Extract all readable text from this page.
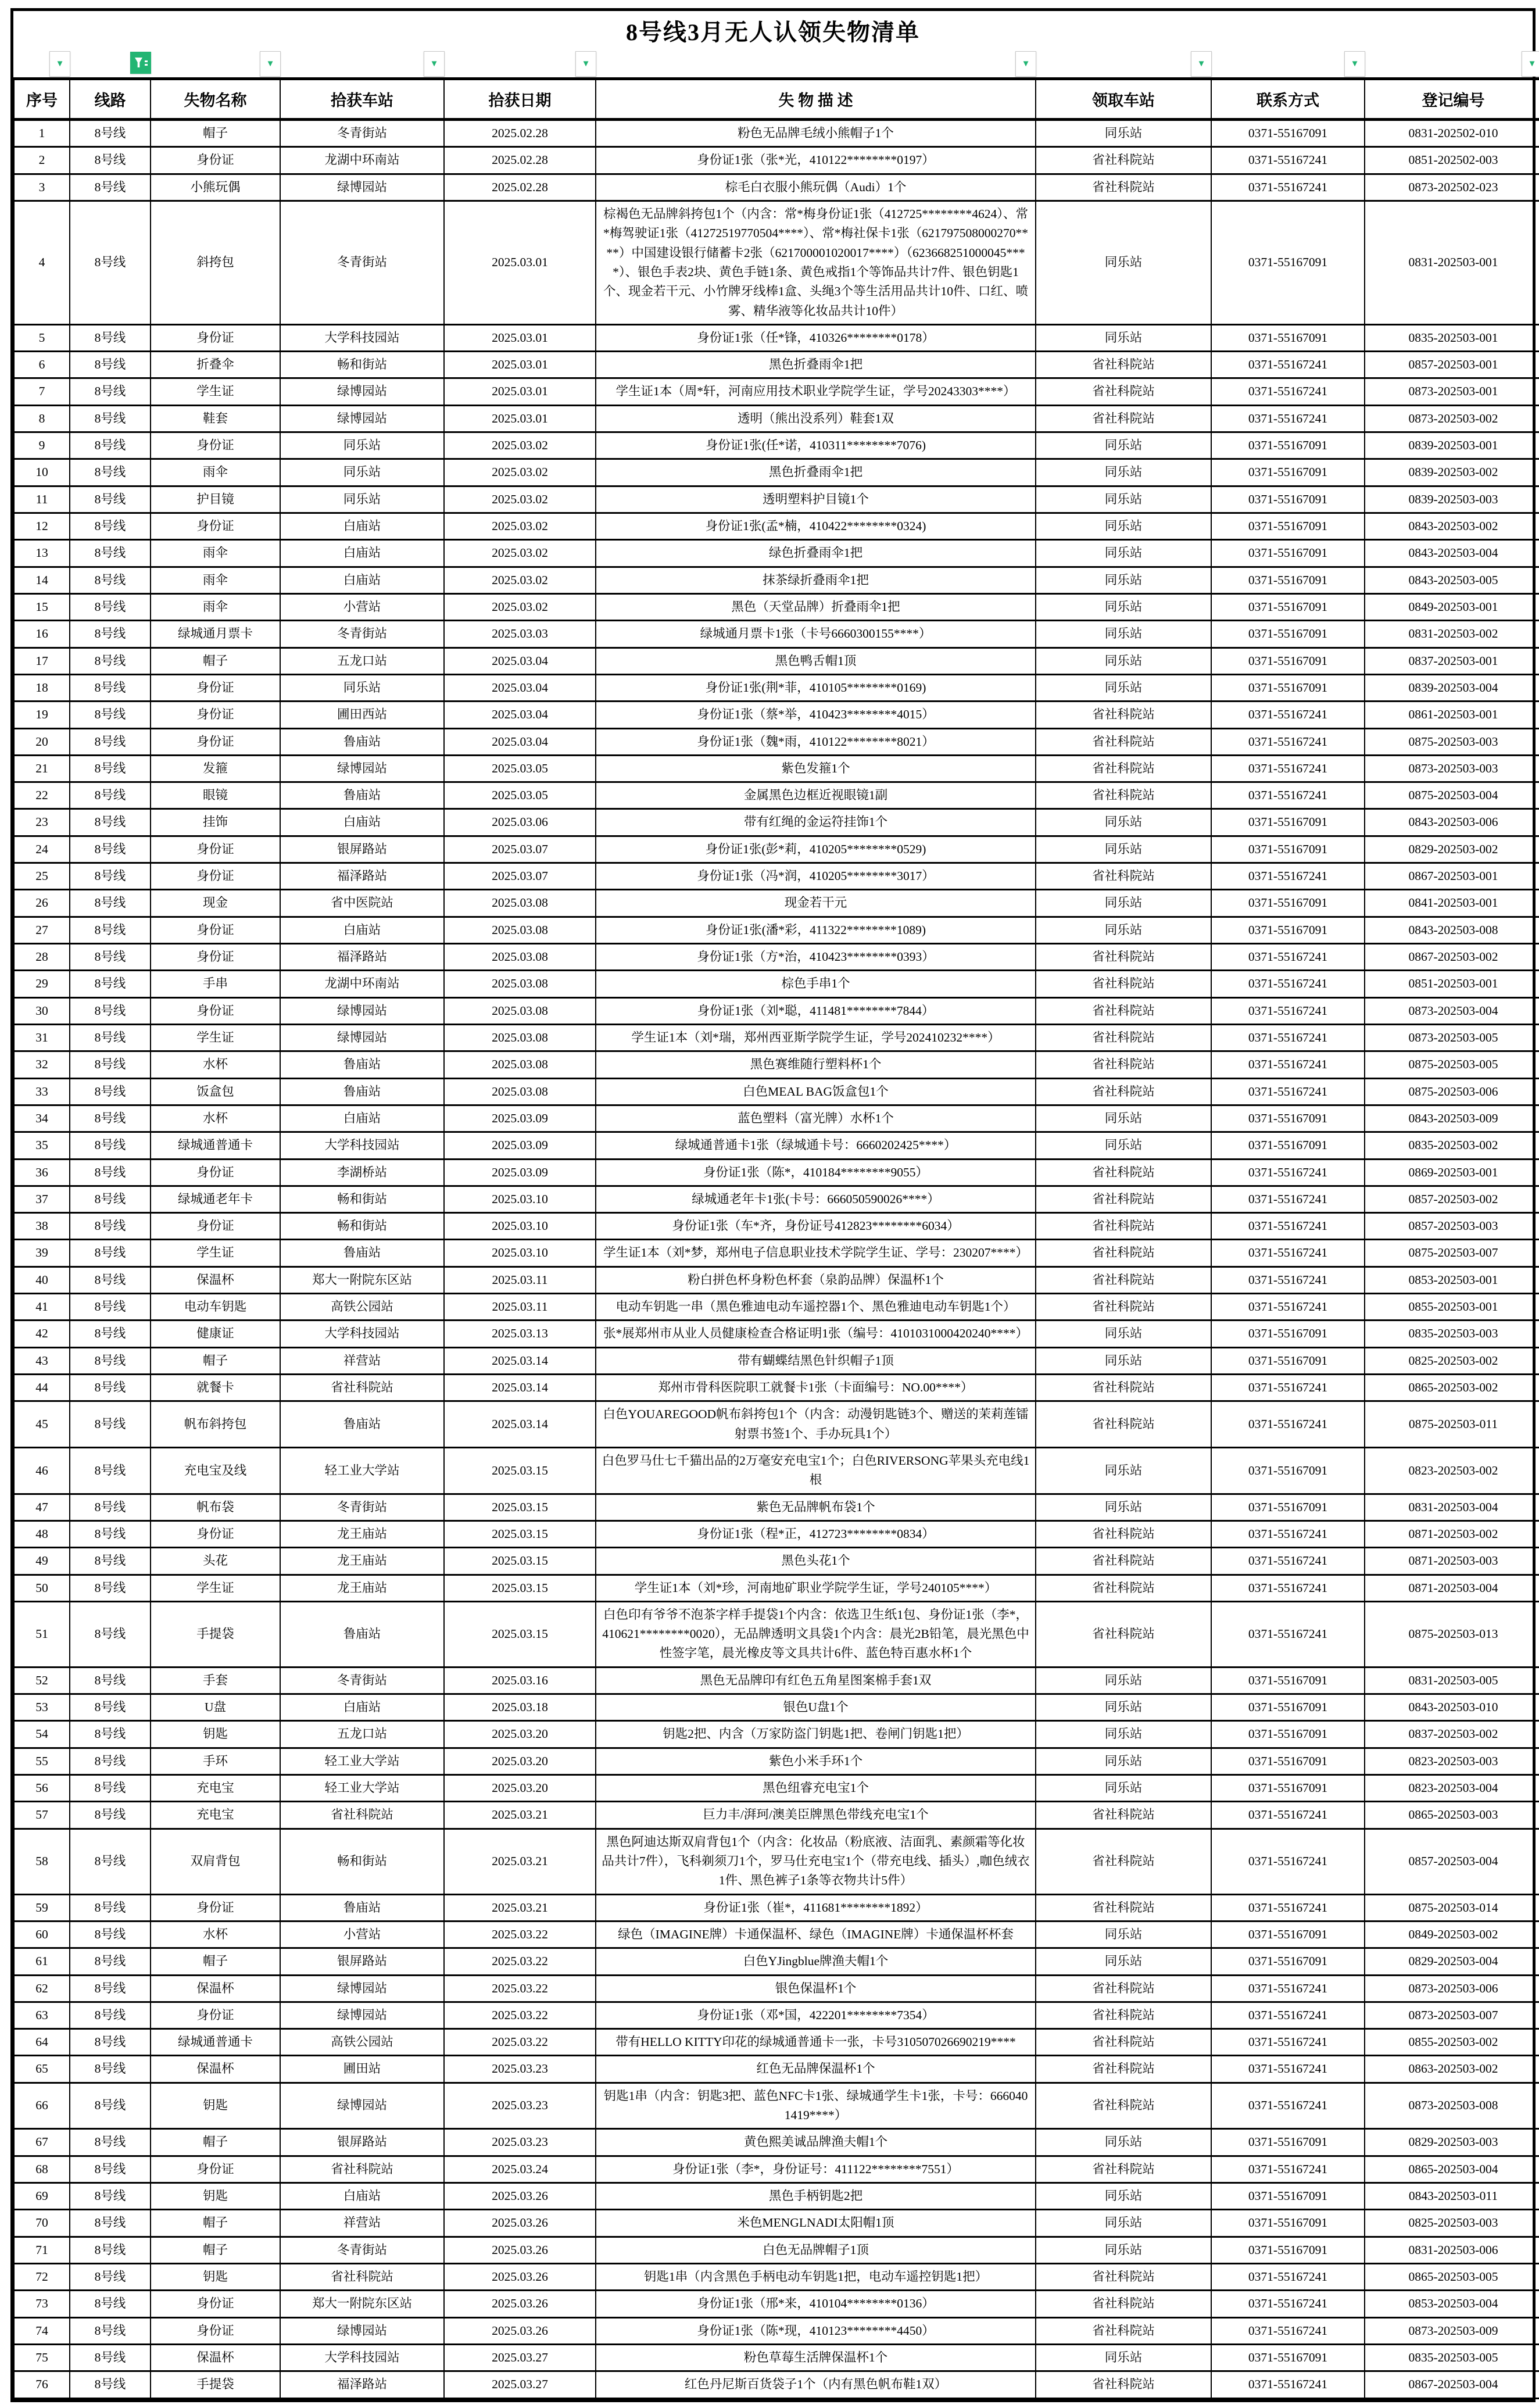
8号线3月无人认领失物清单
▼	▼	▼	▼	▼	▼	▼	▼
序号	线路	失物名称	拾获车站	拾获日期	失 物 描 述	领取车站	联系方式	登记编号
1	8号线	帽子	冬青街站	2025.02.28	粉色无品牌毛绒小熊帽子1个	同乐站	0371-55167091	0831-202502-010
2	8号线	身份证	龙湖中环南站	2025.02.28	身份证1张（张*光，410122********0197）	省社科院站	0371-55167241	0851-202502-003
3	8号线	小熊玩偶	绿博园站	2025.02.28	棕毛白衣服小熊玩偶（Audi）1个	省社科院站	0371-55167241	0873-202502-023
4	8号线	斜挎包	冬青街站	2025.03.01	棕褐色无品牌斜挎包1个（内含：常*梅身份证1张（412725********4624）、常*梅驾驶证1张（41272519770504****）、常*梅社保卡1张（621797508000270****）中国建设银行储蓄卡2张（621700001020017****）（623668251000045****）、银色手表2块、黄色手链1条、黄色戒指1个等饰品共计7件、银色钥匙1个、现金若干元、小竹牌牙线棒1盒、头绳3个等生活用品共计10件、口红、喷雾、精华液等化妆品共计10件）	同乐站	0371-55167091	0831-202503-001
5	8号线	身份证	大学科技园站	2025.03.01	身份证1张（任*锋，410326********0178）	同乐站	0371-55167091	0835-202503-001
6	8号线	折叠伞	畅和街站	2025.03.01	黑色折叠雨伞1把	省社科院站	0371-55167241	0857-202503-001
7	8号线	学生证	绿博园站	2025.03.01	学生证1本（周*轩，河南应用技术职业学院学生证，学号20243303****）	省社科院站	0371-55167241	0873-202503-001
8	8号线	鞋套	绿博园站	2025.03.01	透明（熊出没系列）鞋套1双	省社科院站	0371-55167241	0873-202503-002
9	8号线	身份证	同乐站	2025.03.02	身份证1张(任*诺，410311********7076)	同乐站	0371-55167091	0839-202503-001
10	8号线	雨伞	同乐站	2025.03.02	黑色折叠雨伞1把	同乐站	0371-55167091	0839-202503-002
11	8号线	护目镜	同乐站	2025.03.02	透明塑料护目镜1个	同乐站	0371-55167091	0839-202503-003
12	8号线	身份证	白庙站	2025.03.02	身份证1张(孟*楠，410422********0324)	同乐站	0371-55167091	0843-202503-002
13	8号线	雨伞	白庙站	2025.03.02	绿色折叠雨伞1把	同乐站	0371-55167091	0843-202503-004
14	8号线	雨伞	白庙站	2025.03.02	抹茶绿折叠雨伞1把	同乐站	0371-55167091	0843-202503-005
15	8号线	雨伞	小营站	2025.03.02	黑色（天堂品牌）折叠雨伞1把	同乐站	0371-55167091	0849-202503-001
16	8号线	绿城通月票卡	冬青街站	2025.03.03	绿城通月票卡1张（卡号6660300155****）	同乐站	0371-55167091	0831-202503-002
17	8号线	帽子	五龙口站	2025.03.04	黑色鸭舌帽1顶	同乐站	0371-55167091	0837-202503-001
18	8号线	身份证	同乐站	2025.03.04	身份证1张(荆*菲，410105********0169)	同乐站	0371-55167091	0839-202503-004
19	8号线	身份证	圃田西站	2025.03.04	身份证1张（蔡*举，410423********4015）	省社科院站	0371-55167241	0861-202503-001
20	8号线	身份证	鲁庙站	2025.03.04	身份证1张（魏*雨，410122********8021）	省社科院站	0371-55167241	0875-202503-003
21	8号线	发箍	绿博园站	2025.03.05	紫色发箍1个	省社科院站	0371-55167241	0873-202503-003
22	8号线	眼镜	鲁庙站	2025.03.05	金属黑色边框近视眼镜1副	省社科院站	0371-55167241	0875-202503-004
23	8号线	挂饰	白庙站	2025.03.06	带有红绳的金运符挂饰1个	同乐站	0371-55167091	0843-202503-006
24	8号线	身份证	银屏路站	2025.03.07	身份证1张(彭*莉，410205********0529)	同乐站	0371-55167091	0829-202503-002
25	8号线	身份证	福泽路站	2025.03.07	身份证1张（冯*润，410205********3017）	省社科院站	0371-55167241	0867-202503-001
26	8号线	现金	省中医院站	2025.03.08	现金若干元	同乐站	0371-55167091	0841-202503-001
27	8号线	身份证	白庙站	2025.03.08	身份证1张(潘*彩，411322********1089)	同乐站	0371-55167091	0843-202503-008
28	8号线	身份证	福泽路站	2025.03.08	身份证1张（方*治，410423********0393）	省社科院站	0371-55167241	0867-202503-002
29	8号线	手串	龙湖中环南站	2025.03.08	棕色手串1个	省社科院站	0371-55167241	0851-202503-001
30	8号线	身份证	绿博园站	2025.03.08	身份证1张（刘*聪，411481********7844）	省社科院站	0371-55167241	0873-202503-004
31	8号线	学生证	绿博园站	2025.03.08	学生证1本（刘*瑞，郑州西亚斯学院学生证，学号202410232****）	省社科院站	0371-55167241	0873-202503-005
32	8号线	水杯	鲁庙站	2025.03.08	黑色赛维随行塑料杯1个	省社科院站	0371-55167241	0875-202503-005
33	8号线	饭盒包	鲁庙站	2025.03.08	白色MEAL BAG饭盒包1个	省社科院站	0371-55167241	0875-202503-006
34	8号线	水杯	白庙站	2025.03.09	蓝色塑料（富光牌）水杯1个	同乐站	0371-55167091	0843-202503-009
35	8号线	绿城通普通卡	大学科技园站	2025.03.09	绿城通普通卡1张（绿城通卡号：6660202425****）	同乐站	0371-55167091	0835-202503-002
36	8号线	身份证	李湖桥站	2025.03.09	身份证1张（陈*，410184********9055）	省社科院站	0371-55167241	0869-202503-001
37	8号线	绿城通老年卡	畅和街站	2025.03.10	绿城通老年卡1张(卡号：666050590026****）	省社科院站	0371-55167241	0857-202503-002
38	8号线	身份证	畅和街站	2025.03.10	身份证1张（车*齐，身份证号412823********6034）	省社科院站	0371-55167241	0857-202503-003
39	8号线	学生证	鲁庙站	2025.03.10	学生证1本（刘*梦，郑州电子信息职业技术学院学生证、学号：230207****）	省社科院站	0371-55167241	0875-202503-007
40	8号线	保温杯	郑大一附院东区站	2025.03.11	粉白拼色杯身粉色杯套（泉韵品牌）保温杯1个	省社科院站	0371-55167241	0853-202503-001
41	8号线	电动车钥匙	高铁公园站	2025.03.11	电动车钥匙一串（黑色雅迪电动车遥控器1个、黑色雅迪电动车钥匙1个）	省社科院站	0371-55167241	0855-202503-001
42	8号线	健康证	大学科技园站	2025.03.13	张*展郑州市从业人员健康检查合格证明1张（编号：4101031000420240****）	同乐站	0371-55167091	0835-202503-003
43	8号线	帽子	祥营站	2025.03.14	带有蝴蝶结黑色针织帽子1顶	同乐站	0371-55167091	0825-202503-002
44	8号线	就餐卡	省社科院站	2025.03.14	郑州市骨科医院职工就餐卡1张（卡面编号：NO.00****）	省社科院站	0371-55167241	0865-202503-002
45	8号线	帆布斜挎包	鲁庙站	2025.03.14	白色YOUAREGOOD帆布斜挎包1个（内含：动漫钥匙链3个、赠送的茉莉莲镭射票书签1个、手办玩具1个）	省社科院站	0371-55167241	0875-202503-011
46	8号线	充电宝及线	轻工业大学站	2025.03.15	白色罗马仕七千猫出品的2万毫安充电宝1个；白色RIVERSONG苹果头充电线1根	同乐站	0371-55167091	0823-202503-002
47	8号线	帆布袋	冬青街站	2025.03.15	紫色无品牌帆布袋1个	同乐站	0371-55167091	0831-202503-004
48	8号线	身份证	龙王庙站	2025.03.15	身份证1张（程*正，412723********0834）	省社科院站	0371-55167241	0871-202503-002
49	8号线	头花	龙王庙站	2025.03.15	黑色头花1个	省社科院站	0371-55167241	0871-202503-003
50	8号线	学生证	龙王庙站	2025.03.15	学生证1本（刘*珍，河南地矿职业学院学生证，学号240105****）	省社科院站	0371-55167241	0871-202503-004
51	8号线	手提袋	鲁庙站	2025.03.15	白色印有爷爷不泡茶字样手提袋1个内含：依选卫生纸1包、身份证1张（李*，410621********0020），无品牌透明文具袋1个内含：晨光2B铅笔，晨光黑色中性签字笔，晨光橡皮等文具共计6件、蓝色特百惠水杯1个	省社科院站	0371-55167241	0875-202503-013
52	8号线	手套	冬青街站	2025.03.16	黑色无品牌印有红色五角星图案棉手套1双	同乐站	0371-55167091	0831-202503-005
53	8号线	U盘	白庙站	2025.03.18	银色U盘1个	同乐站	0371-55167091	0843-202503-010
54	8号线	钥匙	五龙口站	2025.03.20	钥匙2把、内含（万家防盗门钥匙1把、卷闸门钥匙1把）	同乐站	0371-55167091	0837-202503-002
55	8号线	手环	轻工业大学站	2025.03.20	紫色小米手环1个	同乐站	0371-55167091	0823-202503-003
56	8号线	充电宝	轻工业大学站	2025.03.20	黑色纽睿充电宝1个	同乐站	0371-55167091	0823-202503-004
57	8号线	充电宝	省社科院站	2025.03.21	巨力丰/湃珂/澳美臣牌黑色带线充电宝1个	省社科院站	0371-55167241	0865-202503-003
58	8号线	双肩背包	畅和街站	2025.03.21	黑色阿迪达斯双肩背包1个（内含：化妆品（粉底液、洁面乳、素颜霜等化妆品共计7件），飞科剃须刀1个，罗马仕充电宝1个（带充电线、插头）,咖色绒衣1件、黑色裤子1条等衣物共计5件）	省社科院站	0371-55167241	0857-202503-004
59	8号线	身份证	鲁庙站	2025.03.21	身份证1张（崔*，411681********1892）	省社科院站	0371-55167241	0875-202503-014
60	8号线	水杯	小营站	2025.03.22	绿色（IMAGINE牌）卡通保温杯、绿色（IMAGINE牌）卡通保温杯杯套	同乐站	0371-55167091	0849-202503-002
61	8号线	帽子	银屏路站	2025.03.22	白色YJingblue牌渔夫帽1个	同乐站	0371-55167091	0829-202503-004
62	8号线	保温杯	绿博园站	2025.03.22	银色保温杯1个	省社科院站	0371-55167241	0873-202503-006
63	8号线	身份证	绿博园站	2025.03.22	身份证1张（邓*国，422201********7354）	省社科院站	0371-55167241	0873-202503-007
64	8号线	绿城通普通卡	高铁公园站	2025.03.22	带有HELLO KITTY印花的绿城通普通卡一张，卡号310507026690219****	省社科院站	0371-55167241	0855-202503-002
65	8号线	保温杯	圃田站	2025.03.23	红色无品牌保温杯1个	省社科院站	0371-55167241	0863-202503-002
66	8号线	钥匙	绿博园站	2025.03.23	钥匙1串（内含：钥匙3把、蓝色NFC卡1张、绿城通学生卡1张，卡号：6660401419****）	省社科院站	0371-55167241	0873-202503-008
67	8号线	帽子	银屏路站	2025.03.23	黄色熙美诚品牌渔夫帽1个	同乐站	0371-55167091	0829-202503-003
68	8号线	身份证	省社科院站	2025.03.24	身份证1张（李*，身份证号：411122********7551）	省社科院站	0371-55167241	0865-202503-004
69	8号线	钥匙	白庙站	2025.03.26	黑色手柄钥匙2把	同乐站	0371-55167091	0843-202503-011
70	8号线	帽子	祥营站	2025.03.26	米色MENGLNADI太阳帽1顶	同乐站	0371-55167091	0825-202503-003
71	8号线	帽子	冬青街站	2025.03.26	白色无品牌帽子1顶	同乐站	0371-55167091	0831-202503-006
72	8号线	钥匙	省社科院站	2025.03.26	钥匙1串（内含黑色手柄电动车钥匙1把，电动车遥控钥匙1把）	省社科院站	0371-55167241	0865-202503-005
73	8号线	身份证	郑大一附院东区站	2025.03.26	身份证1张（邢*来，410104********0136）	省社科院站	0371-55167241	0853-202503-004
74	8号线	身份证	绿博园站	2025.03.26	身份证1张（陈*现，410123********4450）	省社科院站	0371-55167241	0873-202503-009
75	8号线	保温杯	大学科技园站	2025.03.27	粉色草莓生活牌保温杯1个	同乐站	0371-55167091	0835-202503-005
76	8号线	手提袋	福泽路站	2025.03.27	红色丹尼斯百货袋子1个（内有黑色帆布鞋1双）	省社科院站	0371-55167241	0867-202503-004
